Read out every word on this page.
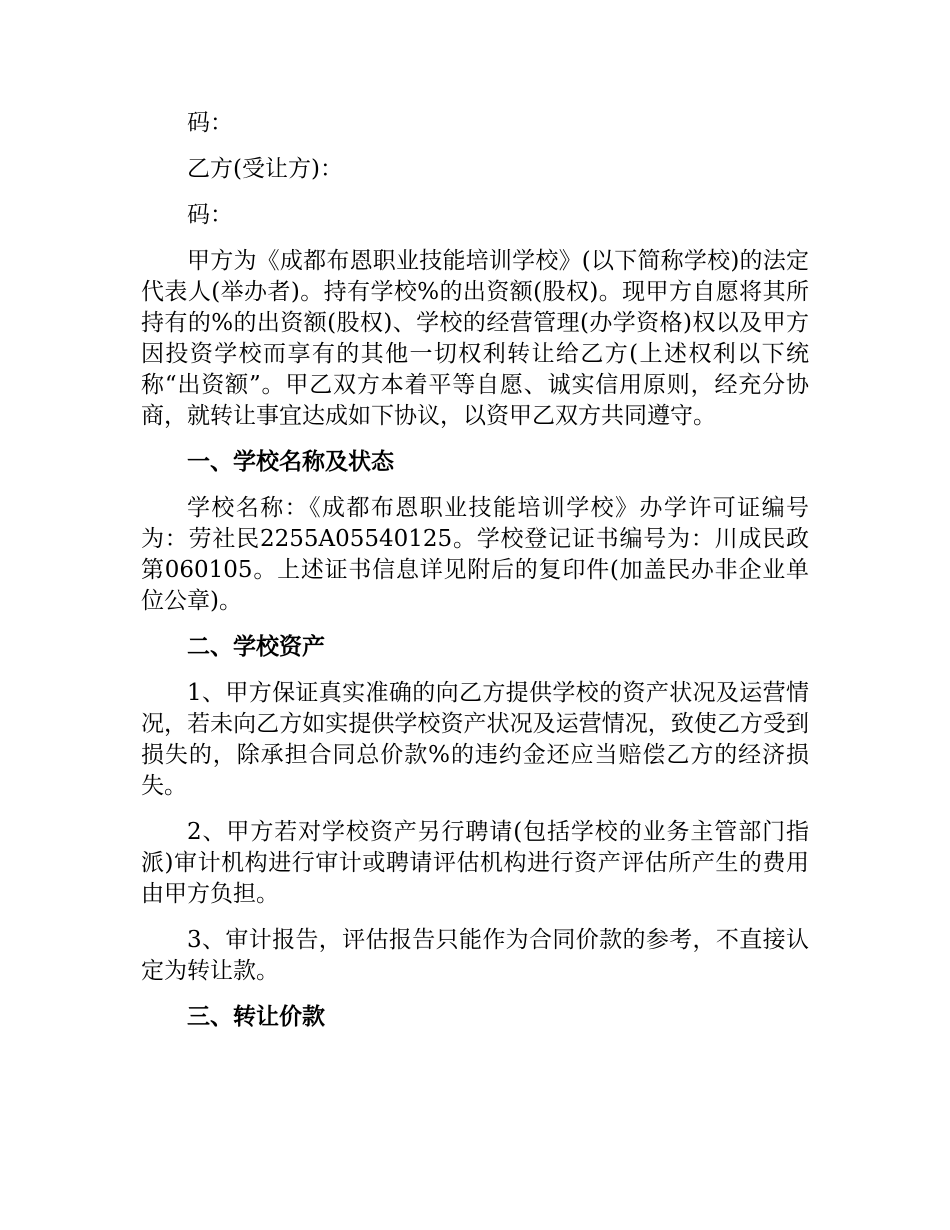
码：

乙方(受让方)：

码：

甲方为《成都布恩职业技能培训学校》(以下简称学校)的法定代表人(举办者)。持有学校%的出资额(股权)。现甲方自愿将其所持有的%的出资额(股权)、学校的经营管理(办学资格)权以及甲方因投资学校而享有的其他一切权利转让给乙方(上述权利以下统称“出资额”。甲乙双方本着平等自愿、诚实信用原则，经充分协商，就转让事宜达成如下协议，以资甲乙双方共同遵守。

一、学校名称及状态

学校名称：《成都布恩职业技能培训学校》办学许可证编号为：劳社民2255A05540125。学校登记证书编号为：川成民政第060105。上述证书信息详见附后的复印件(加盖民办非企业单位公章)。

二、学校资产

1、甲方保证真实准确的向乙方提供学校的资产状况及运营情况，若未向乙方如实提供学校资产状况及运营情况，致使乙方受到损失的，除承担合同总价款%的违约金还应当赔偿乙方的经济损失。

2、甲方若对学校资产另行聘请(包括学校的业务主管部门指派)审计机构进行审计或聘请评估机构进行资产评估所产生的费用由甲方负担。

3、审计报告，评估报告只能作为合同价款的参考，不直接认定为转让款。

三、转让价款
